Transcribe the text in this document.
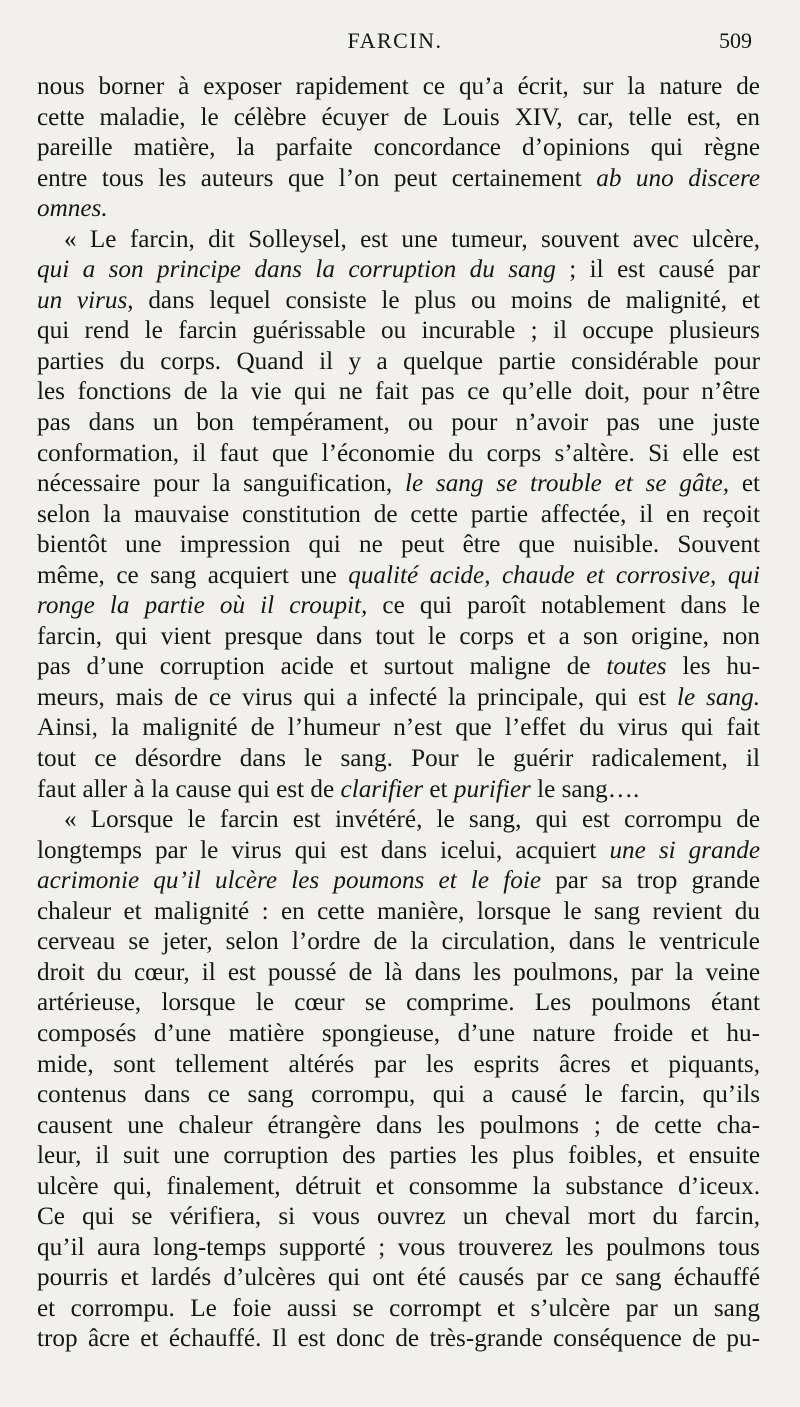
FARCIN.	509
nous borner à exposer rapidement ce qu’a écrit, sur la nature de
cette maladie, le célèbre écuyer de Louis XIV, car, telle est, en
pareille matière, la parfaite concordance d’opinions qui règne
entre tous les auteurs que l’on peut certainement ab uno discere
omnes.
« Le farcin, dit Solleysel, est une tumeur, souvent avec ulcère,
qui a son principe dans la corruption du sang ; il est causé par
un virus, dans lequel consiste le plus ou moins de malignité, et
qui rend le farcin guérissable ou incurable ; il occupe plusieurs
parties du corps. Quand il y a quelque partie considérable pour
les fonctions de la vie qui ne fait pas ce qu’elle doit, pour n’être
pas dans un bon tempérament, ou pour n’avoir pas une juste
conformation, il faut que l’économie du corps s’altère. Si elle est
nécessaire pour la sanguification, le sang se trouble et se gâte, et
selon la mauvaise constitution de cette partie affectée, il en reçoit
bientôt une impression qui ne peut être que nuisible. Souvent
même, ce sang acquiert une qualité acide, chaude et corrosive, qui
ronge la partie où il croupit, ce qui paroît notablement dans le
farcin, qui vient presque dans tout le corps et a son origine, non
pas d’une corruption acide et surtout maligne de toutes les hu-
meurs, mais de ce virus qui a infecté la principale, qui est le sang.
Ainsi, la malignité de l’humeur n’est que l’effet du virus qui fait
tout ce désordre dans le sang. Pour le guérir radicalement, il
faut aller à la cause qui est de clarifier et purifier le sang….
« Lorsque le farcin est invétéré, le sang, qui est corrompu de
longtemps par le virus qui est dans icelui, acquiert une si grande
acrimonie qu’il ulcère les poumons et le foie par sa trop grande
chaleur et malignité : en cette manière, lorsque le sang revient du
cerveau se jeter, selon l’ordre de la circulation, dans le ventricule
droit du cœur, il est poussé de là dans les poulmons, par la veine
artérieuse, lorsque le cœur se comprime. Les poulmons étant
composés d’une matière spongieuse, d’une nature froide et hu-
mide, sont tellement altérés par les esprits âcres et piquants,
contenus dans ce sang corrompu, qui a causé le farcin, qu’ils
causent une chaleur étrangère dans les poulmons ; de cette cha-
leur, il suit une corruption des parties les plus foibles, et ensuite
ulcère qui, finalement, détruit et consomme la substance d’iceux.
Ce qui se vérifiera, si vous ouvrez un cheval mort du farcin,
qu’il aura long-temps supporté ; vous trouverez les poulmons tous
pourris et lardés d’ulcères qui ont été causés par ce sang échauffé
et corrompu. Le foie aussi se corrompt et s’ulcère par un sang
trop âcre et échauffé. Il est donc de très-grande conséquence de pu-
